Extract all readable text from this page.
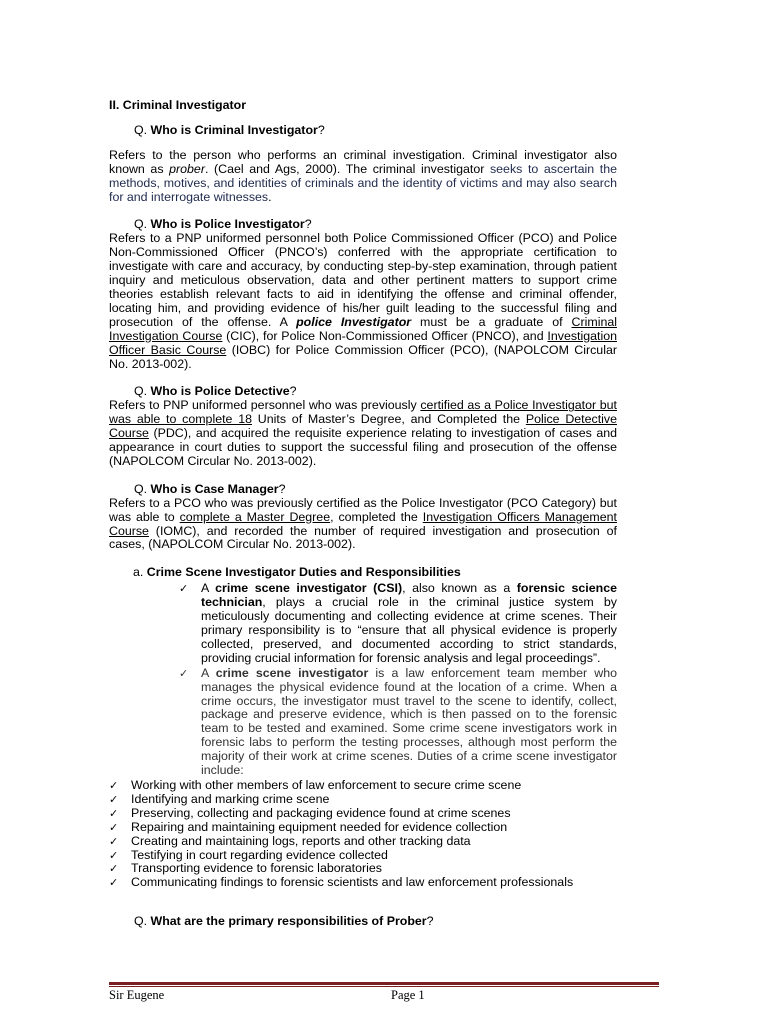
II. Criminal Investigator
Q. Who is Criminal Investigator?
Refers to the person who performs an criminal investigation. Criminal investigator also known as prober. (Cael and Ags, 2000). The criminal investigator seeks to ascertain the methods, motives, and identities of criminals and the identity of victims and may also search for and interrogate witnesses.
Q. Who is Police Investigator?
Refers to a PNP uniformed personnel both Police Commissioned Officer (PCO) and Police Non-Commissioned Officer (PNCO’s) conferred with the appropriate certification to investigate with care and accuracy, by conducting step-by-step examination, through patient inquiry and meticulous observation, data and other pertinent matters to support crime theories establish relevant facts to aid in identifying the offense and criminal offender, locating him, and providing evidence of his/her guilt leading to the successful filing and prosecution of the offense. A police Investigator must be a graduate of Criminal Investigation Course (CIC), for Police Non-Commissioned Officer (PNCO), and Investigation Officer Basic Course (IOBC) for Police Commission Officer (PCO), (NAPOLCOM Circular No. 2013-002).
Q. Who is Police Detective?
Refers to PNP uniformed personnel who was previously certified as a Police Investigator but was able to complete 18 Units of Master’s Degree, and Completed the Police Detective Course (PDC), and acquired the requisite experience relating to investigation of cases and appearance in court duties to support the successful filing and prosecution of the offense (NAPOLCOM Circular No. 2013-002).
Q. Who is Case Manager?
Refers to a PCO who was previously certified as the Police Investigator (PCO Category) but was able to complete a Master Degree, completed the Investigation Officers Management Course (IOMC), and recorded the number of required investigation and prosecution of cases, (NAPOLCOM Circular No. 2013-002).
a. Crime Scene Investigator Duties and Responsibilities
✓ A crime scene investigator (CSI), also known as a forensic science technician, plays a crucial role in the criminal justice system by meticulously documenting and collecting evidence at crime scenes. Their primary responsibility is to “ensure that all physical evidence is properly collected, preserved, and documented according to strict standards, providing crucial information for forensic analysis and legal proceedings”.
✓ A crime scene investigator is a law enforcement team member who manages the physical evidence found at the location of a crime. When a crime occurs, the investigator must travel to the scene to identify, collect, package and preserve evidence, which is then passed on to the forensic team to be tested and examined. Some crime scene investigators work in forensic labs to perform the testing processes, although most perform the majority of their work at crime scenes. Duties of a crime scene investigator include:
✓ Working with other members of law enforcement to secure crime scene
✓ Identifying and marking crime scene
✓ Preserving, collecting and packaging evidence found at crime scenes
✓ Repairing and maintaining equipment needed for evidence collection
✓ Creating and maintaining logs, reports and other tracking data
✓ Testifying in court regarding evidence collected
✓ Transporting evidence to forensic laboratories
✓ Communicating findings to forensic scientists and law enforcement professionals
Q. What are the primary responsibilities of Prober?
Sir Eugene	Page 1
